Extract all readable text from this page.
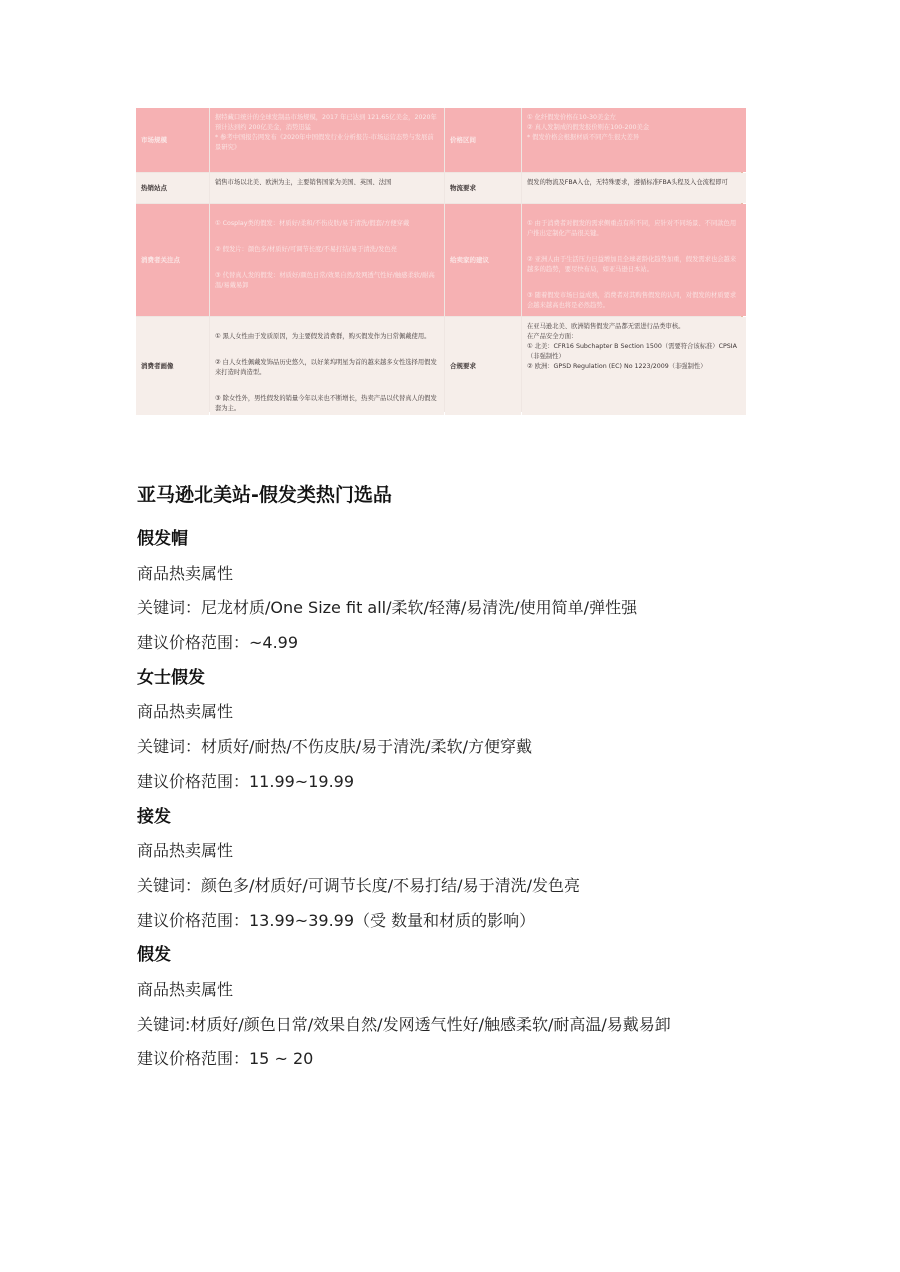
市场规模
据特藏口统计的全球发制品市场规模，2017 年已达到 121.65亿美金，2020年预计达到约 200亿美金，消势迅猛
* 参考中国报告网发布《2020年中国假发行业分析报告-市场运营态势与发展前景研究》
价格区间
① 化纤假发价格在10-30美金左
② 真人发制成的假发报价则在100-200美金
* 假发价格会根据材质不同产生很大差异
热销站点
销售市场以北美、欧洲为主，主要销售国家为美国、英国、法国
物流要求
假发的物流及FBA入仓，无特殊要求，遵循标准FBA头程及入仓流程即可
消费者关注点

① Cosplay类的假发：材质好/柔和/不伤皮肤/易于清洗/假套/方便穿戴

② 假发片：颜色多/材质好/可调节长度/不易打结/易于清洗/发色亮

③ 代替真人发的假发：材质好/颜色日常/效果自然/发网透气性好/触感柔软/耐高温/易戴易卸

给卖家的建议

① 由于消费者对假发的需求侧重点有所不同，应针对不同场景、不同款色用户推出定制化产品很关键。

② 亚洲人由于生活压力日益增加且全球老龄化趋势加重，假发需求也会越来越多的趋势，要尽快布局，如亚马逊日本站。

③ 随着假发市场日益成熟，消费者对其购售假发的认同，对假发的材质要求会越来越高也将是必然趋势。

消费者画像

① 黑人女性由于发质原因，为主要假发消费群，购买假发作为日常佩戴使用。

② 白人女性佩戴发饰品历史悠久，以好莱坞明星为首的越来越多女性选择用假发来打造时尚造型。

③ 除女性外，男性假发的销量今年以来也不断增长，热卖产品以代替真人的假发套为主。

合规要求
在亚马逊北美、欧洲销售假发产品都无需进行品类审核。
在产品安全方面：
① 北美：CFR16 Subchapter B Section 1500（需要符合该标准）CPSIA（非强制性）
② 欧洲：GPSD Regulation (EC) No 1223/2009（非强制性）
亚马逊北美站-假发类热门选品
假发帽
商品热卖属性
关键词：尼龙材质/One Size fit all/柔软/轻薄/易清洗/使用简单/弹性强
建议价格范围：~4.99
女士假发
商品热卖属性
关键词：材质好/耐热/不伤皮肤/易于清洗/柔软/方便穿戴
建议价格范围：11.99~19.99
接发
商品热卖属性
关键词：颜色多/材质好/可调节长度/不易打结/易于清洗/发色亮
建议价格范围：13.99~39.99（受 数量和材质的影响）
假发
商品热卖属性
关键词:材质好/颜色日常/效果自然/发网透气性好/触感柔软/耐高温/易戴易卸
建议价格范围：15 ~ 20
